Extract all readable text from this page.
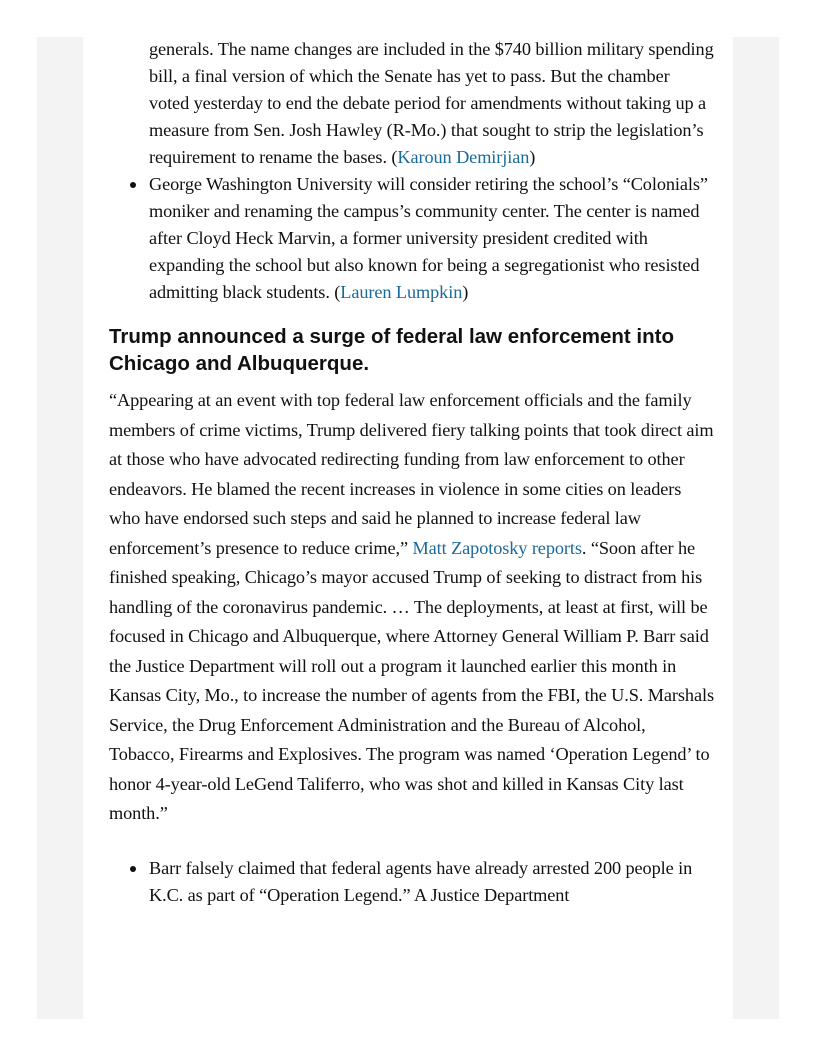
generals. The name changes are included in the $740 billion military spending bill, a final version of which the Senate has yet to pass. But the chamber voted yesterday to end the debate period for amendments without taking up a measure from Sen. Josh Hawley (R-Mo.) that sought to strip the legislation’s requirement to rename the bases. (Karoun Demirjian)
George Washington University will consider retiring the school’s “Colonials” moniker and renaming the campus’s community center. The center is named after Cloyd Heck Marvin, a former university president credited with expanding the school but also known for being a segregationist who resisted admitting black students. (Lauren Lumpkin)
Trump announced a surge of federal law enforcement into Chicago and Albuquerque.

“Appearing at an event with top federal law enforcement officials and the family members of crime victims, Trump delivered fiery talking points that took direct aim at those who have advocated redirecting funding from law enforcement to other endeavors. He blamed the recent increases in violence in some cities on leaders who have endorsed such steps and said he planned to increase federal law enforcement’s presence to reduce crime,” Matt Zapotosky reports. “Soon after he finished speaking, Chicago’s mayor accused Trump of seeking to distract from his handling of the coronavirus pandemic. … The deployments, at least at first, will be focused in Chicago and Albuquerque, where Attorney General William P. Barr said the Justice Department will roll out a program it launched earlier this month in Kansas City, Mo., to increase the number of agents from the FBI, the U.S. Marshals Service, the Drug Enforcement Administration and the Bureau of Alcohol, Tobacco, Firearms and Explosives. The program was named ‘Operation Legend’ to honor 4-year-old LeGend Taliferro, who was shot and killed in Kansas City last month.”

Barr falsely claimed that federal agents have already arrested 200 people in K.C. as part of “Operation Legend.” A Justice Department
